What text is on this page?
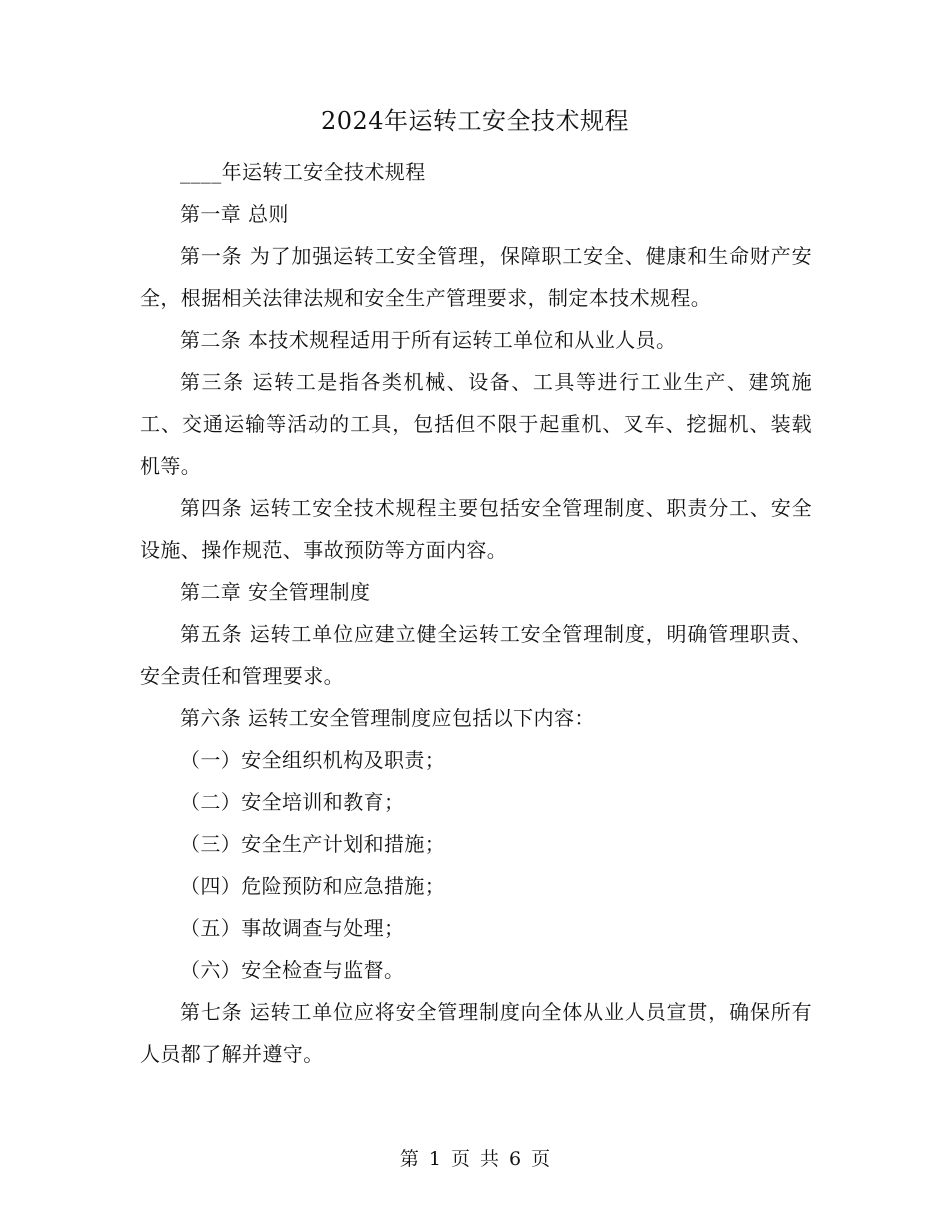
2024年运转工安全技术规程

____年运转工安全技术规程

第一章 总则

第一条 为了加强运转工安全管理，保障职工安全、健康和生命财产安全，根据相关法律法规和安全生产管理要求，制定本技术规程。

第二条 本技术规程适用于所有运转工单位和从业人员。

第三条 运转工是指各类机械、设备、工具等进行工业生产、建筑施工、交通运输等活动的工具，包括但不限于起重机、叉车、挖掘机、装载机等。

第四条 运转工安全技术规程主要包括安全管理制度、职责分工、安全设施、操作规范、事故预防等方面内容。

第二章 安全管理制度

第五条 运转工单位应建立健全运转工安全管理制度，明确管理职责、安全责任和管理要求。

第六条 运转工安全管理制度应包括以下内容：

（一）安全组织机构及职责；

（二）安全培训和教育；

（三）安全生产计划和措施；

（四）危险预防和应急措施；

（五）事故调查与处理；

（六）安全检查与监督。

第七条 运转工单位应将安全管理制度向全体从业人员宣贯，确保所有人员都了解并遵守。

第 1 页 共 6 页
